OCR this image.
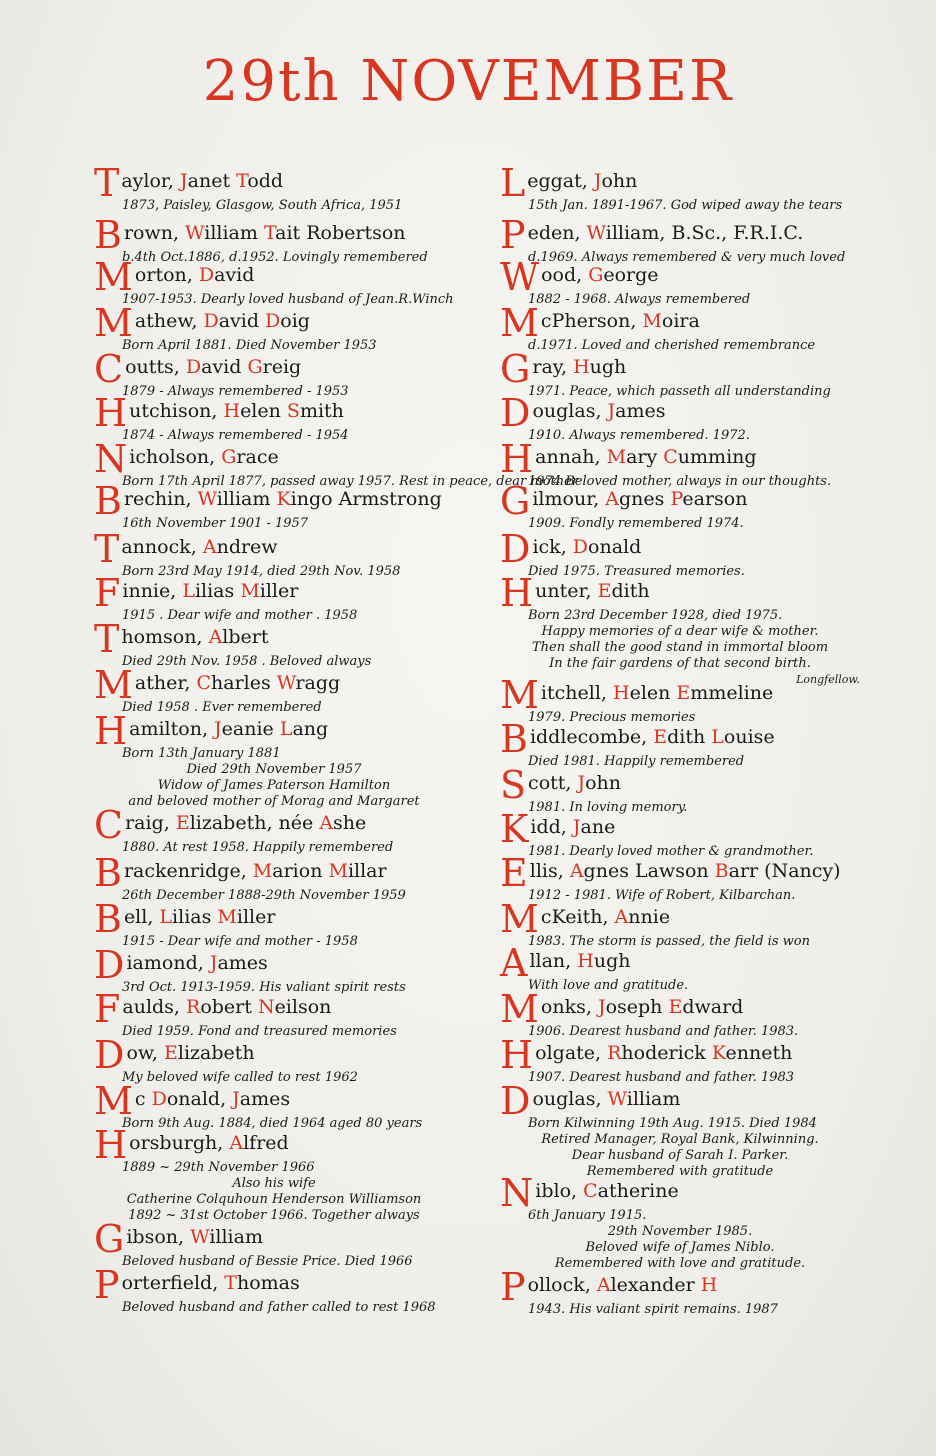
29th NOVEMBER
Taylor, Janet Todd
1873, Paisley, Glasgow, South Africa, 1951
Brown, William Tait Robertson
b.4th Oct.1886, d.1952. Lovingly remembered
Morton, David
1907-1953. Dearly loved husband of Jean.R.Winch
Mathew, David Doig
Born April 1881. Died November 1953
Coutts, David Greig
1879 - Always remembered - 1953
Hutchison, Helen Smith
1874 - Always remembered - 1954
Nicholson, Grace
Born 17th April 1877, passed away 1957. Rest in peace, dear mother
Brechin, William Kingo Armstrong
16th November 1901 - 1957
Tannock, Andrew
Born 23rd May 1914, died 29th Nov. 1958
Finnie, Lilias Miller
1915 . Dear wife and mother . 1958
Thomson, Albert
Died 29th Nov. 1958 . Beloved always
Mather, Charles Wragg
Died 1958 . Ever remembered
Hamilton, Jeanie Lang
Born 13th January 1881
Died 29th November 1957
Widow of James Paterson Hamilton
and beloved mother of Morag and Margaret
Craig, Elizabeth, née Ashe
1880. At rest 1958. Happily remembered
Brackenridge, Marion Millar
26th December 1888-29th November 1959
Bell, Lilias Miller
1915 - Dear wife and mother - 1958
Diamond, James
3rd Oct. 1913-1959. His valiant spirit rests
Faulds, Robert Neilson
Died 1959. Fond and treasured memories
Dow, Elizabeth
My beloved wife called to rest 1962
Mc Donald, James
Born 9th Aug. 1884, died 1964 aged 80 years
Horsburgh, Alfred
1889 ~ 29th November 1966
Also his wife
Catherine Colquhoun Henderson Williamson
1892 ~ 31st October 1966. Together always
Gibson, William
Beloved husband of Bessie Price. Died 1966
Porterfield, Thomas
Beloved husband and father called to rest 1968
Leggat, John
15th Jan. 1891-1967. God wiped away the tears
Peden, William, B.Sc., F.R.I.C.
d.1969. Always remembered & very much loved
Wood, George
1882 - 1968. Always remembered
McPherson, Moira
d.1971. Loved and cherished remembrance
Gray, Hugh
1971. Peace, which passeth all understanding
Douglas, James
1910. Always remembered. 1972.
Hannah, Mary Cumming
1974 Beloved mother, always in our thoughts.
Gilmour, Agnes Pearson
1909. Fondly remembered 1974.
Dick, Donald
Died 1975. Treasured memories.
Hunter, Edith
Born 23rd December 1928, died 1975.
Happy memories of a dear wife & mother.
Then shall the good stand in immortal bloom
In the fair gardens of that second birth.
Longfellow.
Mitchell, Helen Emmeline
1979. Precious memories
Biddlecombe, Edith Louise
Died 1981. Happily remembered
Scott, John
1981. In loving memory.
Kidd, Jane
1981. Dearly loved mother & grandmother.
Ellis, Agnes Lawson Barr (Nancy)
1912 - 1981. Wife of Robert, Kilbarchan.
McKeith, Annie
1983. The storm is passed, the field is won
Allan, Hugh
With love and gratitude.
Monks, Joseph Edward
1906. Dearest husband and father. 1983.
Holgate, Rhoderick Kenneth
1907. Dearest husband and father. 1983
Douglas, William
Born Kilwinning 19th Aug. 1915. Died 1984
Retired Manager, Royal Bank, Kilwinning.
Dear husband of Sarah I. Parker.
Remembered with gratitude
Niblo, Catherine
6th January 1915.
29th November 1985.
Beloved wife of James Niblo.
Remembered with love and gratitude.
Pollock, Alexander H
1943. His valiant spirit remains. 1987
